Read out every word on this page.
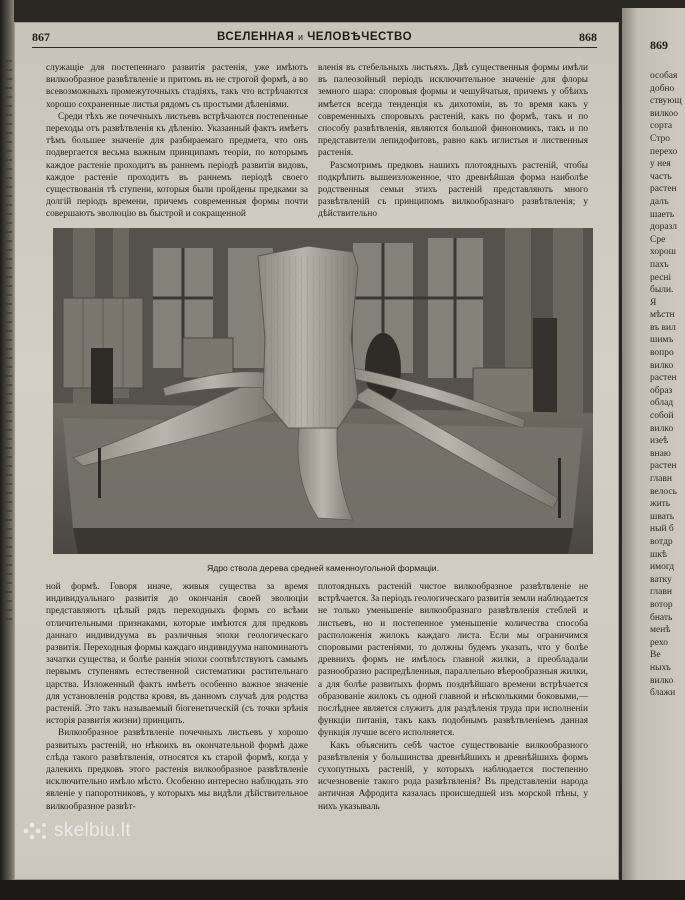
869
особая
добно
ствующ
вилкоо
сорта
Стро
перехо
у нея
часть
растен
далъ
шаеть
доразл
Сре
хорош
пахъ
ресні
были.
Я
мѣстн
въ вил
шимъ
вопро
вилко
растен
образ
облад
собой
вилко
изеѣ
внаю
растен
главн
велось
жить
швать
ный б
вотдр
шкѣ
имогд
ватку
главн
вотор
бнать
менѣ
рехо
Ве
ныхъ
вилко
блажи
867	ВСЕЛЕННАЯ и ЧЕЛОВѢЧЕСТВО	868

служащіе для постепеннаго развитія растенія, уже имѣютъ вилкообразное развѣтвленіе и притомъ въ не строгой формѣ, а во всевозможныхъ промежуточныхъ стадіяхъ, такъ что встрѣчаются хорошо сохраненные листья рядомъ съ простыми дѣленіями.

Среди тѣхъ же почечныхъ листьевъ встрѣчаются постепенные переходы отъ развѣтвленія къ дѣленію. Указанный фактъ имѣетъ тѣмъ большее значеніе для разбираемаго предмета, что онъ подвергается весьма важным принципамъ теоріи, по которымъ каждое растеніе проходитъ въ раннемъ періодѣ развитія видовъ, каждое растеніе проходитъ въ раннемъ періодѣ своего существованія тѣ ступени, которыя были пройдены предками за долгій періодъ времени, причемъ современныя формы почти совершаютъ эволюцію въ быстрой и сокращенной

вленія въ стебельныхъ листьяхъ. Двѣ существенныя формы имѣли въ палеозойный періодъ исключительное значеніе для флоры земного шара: споровыя формы и чешуйчатыя, причемъ у обѣихъ имѣется всегда тенденція къ дихотоміи, въ то время какъ у современныхъ споровыхъ растеній, какъ по формѣ, такъ и по способу развѣтвленія, являются большой финономикъ, такъ и по представители лепидофитовъ, равно какъ иглистыя и лиственныя растенія.

Разсмотримъ предковъ нашихъ плотоядныхъ растеній, чтобы подкрѣпить вышеизложенное, что древнѣйшая форма наиболѣе родственныя семьи этихъ растеній представляютъ много развѣтвленій съ принципомъ вилкообразнаго развѣтвленія; у дѣйствительно

Ядро ствола дерева средней каменноугольной формаціи.

ной формѣ. Говоря иначе, живыя существа за время индивидуальнаго развитія до окончанія своей эволюціи представляютъ цѣлый рядъ переходныхъ формъ со всѣми отличительными признаками, которые имѣются для предковъ даннаго индивидуума въ различныя эпохи геологическаго развитія. Переходныя формы каждаго индивидуума напоминаютъ зачатки существа, и болѣе раннія эпохи соотвѣтствуютъ самымъ первымъ ступенямъ естественной систематики растительнаго царства. Изложенный фактъ имѣетъ особенно важное значеніе для установленія родства кровя, въ данномъ случаѣ для родства растеній. Это такъ называемый біогенетическій (съ точки зрѣнія исторія развитія жизни) принципъ.

Вилкообразное развѣтвленіе почечныхъ листьевъ у хорошо развитыхъ растеній, но нѣкоихъ въ окончательной формѣ даже слѣда такого развѣтвленія, относятся къ старой формѣ, когда у далекихъ предковъ этого растенія вилкообразное развѣтвленіе исключительно имѣло мѣсто. Особенно интересно наблюдать это явленіе у папоротниковъ, у которыхъ мы видѣли дѣйствительное вилкообразное развѣт-

плотоядныхъ растеній чистое вилкообразное развѣтвленіе не встрѣчается. За періодъ геологическаго развитія земли наблюдается не только уменьшеніе вилкообразнаго развѣтвленія стеблей и листьевъ, но и постепенное уменьшеніе количества способа расположенія жилокъ каждаго листа. Если мы ограничимся споровыми растеніями, то должны будемъ указать, что у болѣе древнихъ формъ не имѣлось главной жилки, а преобладали разнообразно распредѣленныя, параллельно вѣерообразныя жилки, а для болѣе развитыхъ формъ позднѣйшаго времени встрѣчается образованіе жилокъ съ одной главной и нѣсколькими боковыми,—послѣднее является служитъ для раздѣленія труда при исполненіи функціи питанія, такъ какъ подобнымъ развѣтвленіемъ данная функція лучше всего исполняется.

Какъ объяснить себѣ частое существованіе вилкообразного развѣтвленія у большинства древнѣйшихъ и древнѣйшихъ формъ сухопутныхъ растеній, у которыхъ наблюдается постепенно исчезновеніе такого рода развѣтвленія? Въ представленіи народа античная Афродита казалась происшедшей изъ морской пѣны, у нихъ указываль

skelbiu.lt
